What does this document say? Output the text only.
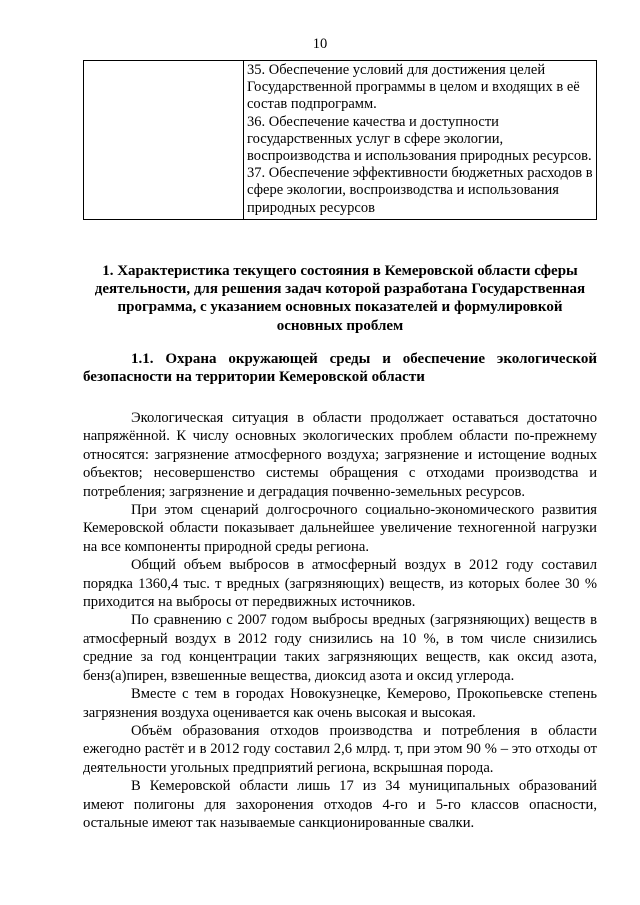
10

35. Обеспечение условий для достижения целей Государственной программы в целом и входящих в её состав подпрограмм.
36. Обеспечение качества и доступности государственных услуг в сфере экологии, воспроизводства и использования природных ресурсов.
37. Обеспечение эффективности бюджетных расходов в сфере экологии, воспроизводства и использования природных ресурсов
1. Характеристика текущего состояния в Кемеровской области сферы деятельности, для решения задач которой разработана Государственная программа, с указанием основных показателей и формулировкой основных проблем
1.1. Охрана окружающей среды и обеспечение экологической безопасности на территории Кемеровской области

Экологическая ситуация в области продолжает оставаться достаточно напряжённой. К числу основных экологических проблем области по-прежнему относятся: загрязнение атмосферного воздуха; загрязнение и истощение водных объектов; несовершенство системы обращения с отходами производства и потребления; загрязнение и деградация почвенно-земельных ресурсов.

При этом сценарий долгосрочного социально-экономического развития Кемеровской области показывает дальнейшее увеличение техногенной нагрузки на все компоненты природной среды региона.

Общий объем выбросов в атмосферный воздух в 2012 году составил порядка 1360,4 тыс. т вредных (загрязняющих) веществ, из которых более 30 % приходится на выбросы от передвижных источников.

По сравнению с 2007 годом выбросы вредных (загрязняющих) веществ в атмосферный воздух в 2012 году снизились на 10 %, в том числе снизились средние за год концентрации таких загрязняющих веществ, как оксид азота, бенз(а)пирен, взвешенные вещества, диоксид азота и оксид углерода.

Вместе с тем в городах Новокузнецке, Кемерово, Прокопьевске степень загрязнения воздуха оценивается как очень высокая и высокая.

Объём образования отходов производства и потребления в области ежегодно растёт и в 2012 году составил 2,6 млрд. т, при этом 90 % – это отходы от деятельности угольных предприятий региона, вскрышная порода.

В Кемеровской области лишь 17 из 34 муниципальных образований имеют полигоны для захоронения отходов 4-го и 5-го классов опасности, остальные имеют так называемые санкционированные свалки.
